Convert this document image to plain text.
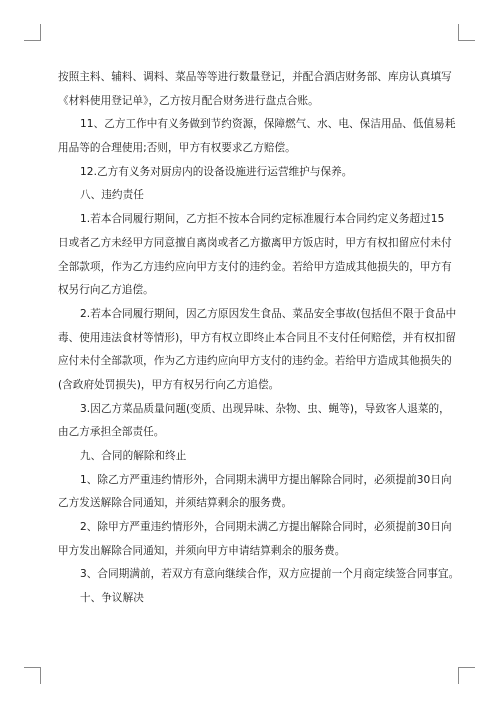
按照主料、辅料、调料、菜品等等进行数量登记，并配合酒店财务部、库房认真填写
《材料使用登记单》，乙方按月配合财务进行盘点合账。
11、乙方工作中有义务做到节约资源，保障燃气、水、电、保洁用品、低值易耗
用品等的合理使用;否则，甲方有权要求乙方赔偿。
12.乙方有义务对厨房内的设备设施进行运营维护与保养。
八、违约责任
1.若本合同履行期间，乙方拒不按本合同约定标准履行本合同约定义务超过15
日或者乙方未经甲方同意擅自离岗或者乙方撤离甲方饭店时，甲方有权扣留应付未付
全部款项，作为乙方违约应向甲方支付的违约金。若给甲方造成其他损失的，甲方有
权另行向乙方追偿。
2.若本合同履行期间，因乙方原因发生食品、菜品安全事故(包括但不限于食品中
毒、使用违法食材等情形)，甲方有权立即终止本合同且不支付任何赔偿，并有权扣留
应付未付全部款项，作为乙方违约应向甲方支付的违约金。若给甲方造成其他损失的
(含政府处罚损失)，甲方有权另行向乙方追偿。
3.因乙方菜品质量问题(变质、出现异味、杂物、虫、蝇等)，导致客人退菜的，
由乙方承担全部责任。
九、合同的解除和终止
1、除乙方严重违约情形外，合同期未满甲方提出解除合同时，必须提前30日向
乙方发送解除合同通知，并须结算剩余的服务费。
2、除甲方严重违约情形外，合同期未满乙方提出解除合同时，必须提前30日向
甲方发出解除合同通知，并须向甲方申请结算剩余的服务费。
3、合同期满前，若双方有意向继续合作，双方应提前一个月商定续签合同事宜。
十、争议解决
